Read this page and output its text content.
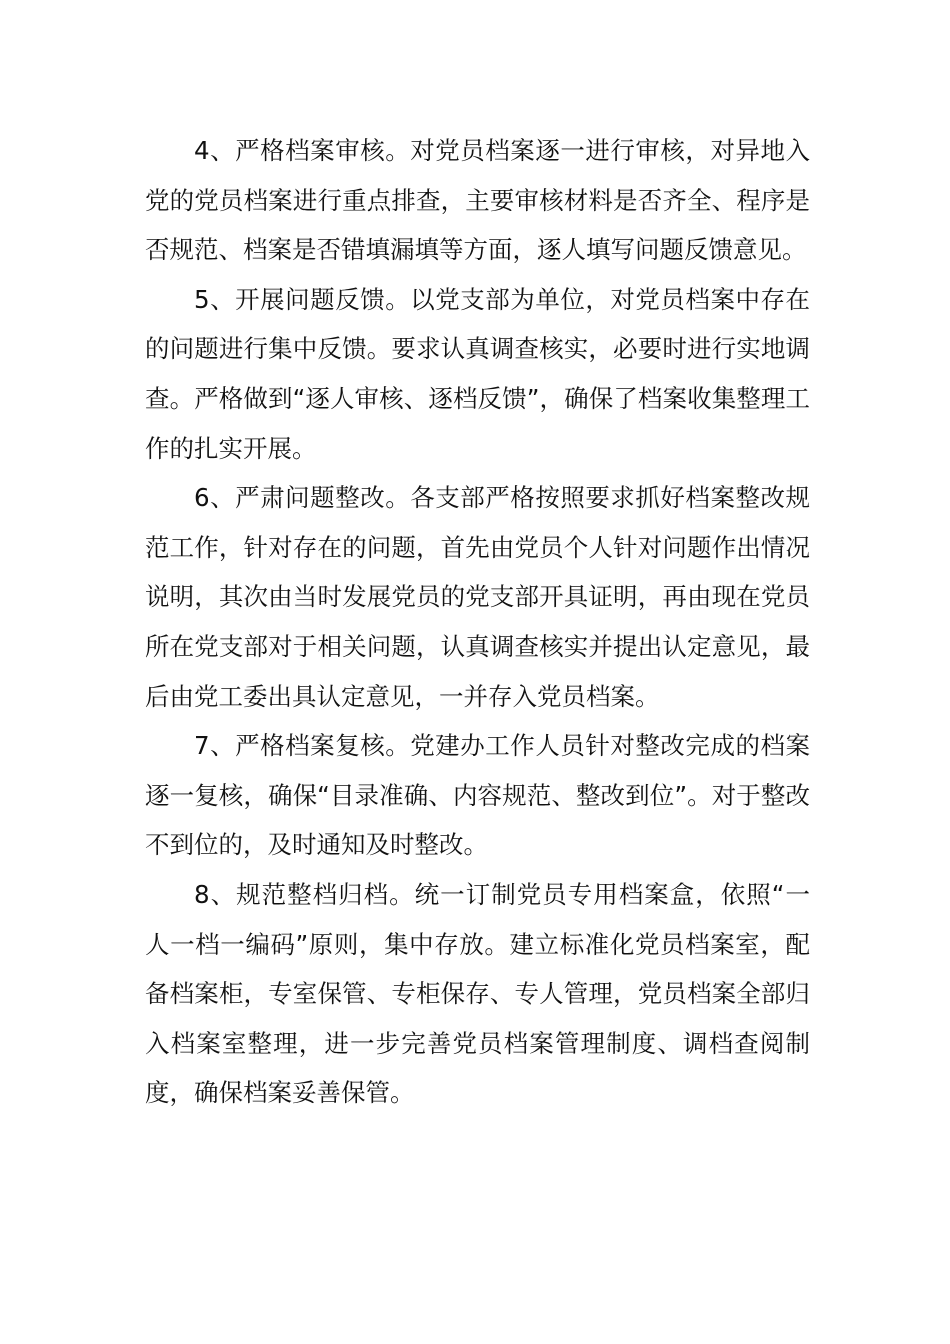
4、严格档案审核。对党员档案逐一进行审核，对异地入党的党员档案进行重点排查，主要审核材料是否齐全、程序是否规范、档案是否错填漏填等方面，逐人填写问题反馈意见。

5、开展问题反馈。以党支部为单位，对党员档案中存在的问题进行集中反馈。要求认真调查核实，必要时进行实地调查。严格做到“逐人审核、逐档反馈”，确保了档案收集整理工作的扎实开展。

6、严肃问题整改。各支部严格按照要求抓好档案整改规范工作，针对存在的问题，首先由党员个人针对问题作出情况说明，其次由当时发展党员的党支部开具证明，再由现在党员所在党支部对于相关问题，认真调查核实并提出认定意见，最后由党工委出具认定意见，一并存入党员档案。

7、严格档案复核。党建办工作人员针对整改完成的档案逐一复核，确保“目录准确、内容规范、整改到位”。对于整改不到位的，及时通知及时整改。

8、规范整档归档。统一订制党员专用档案盒，依照“一人一档一编码”原则，集中存放。建立标准化党员档案室，配备档案柜，专室保管、专柜保存、专人管理，党员档案全部归入档案室整理，进一步完善党员档案管理制度、调档查阅制度，确保档案妥善保管。
